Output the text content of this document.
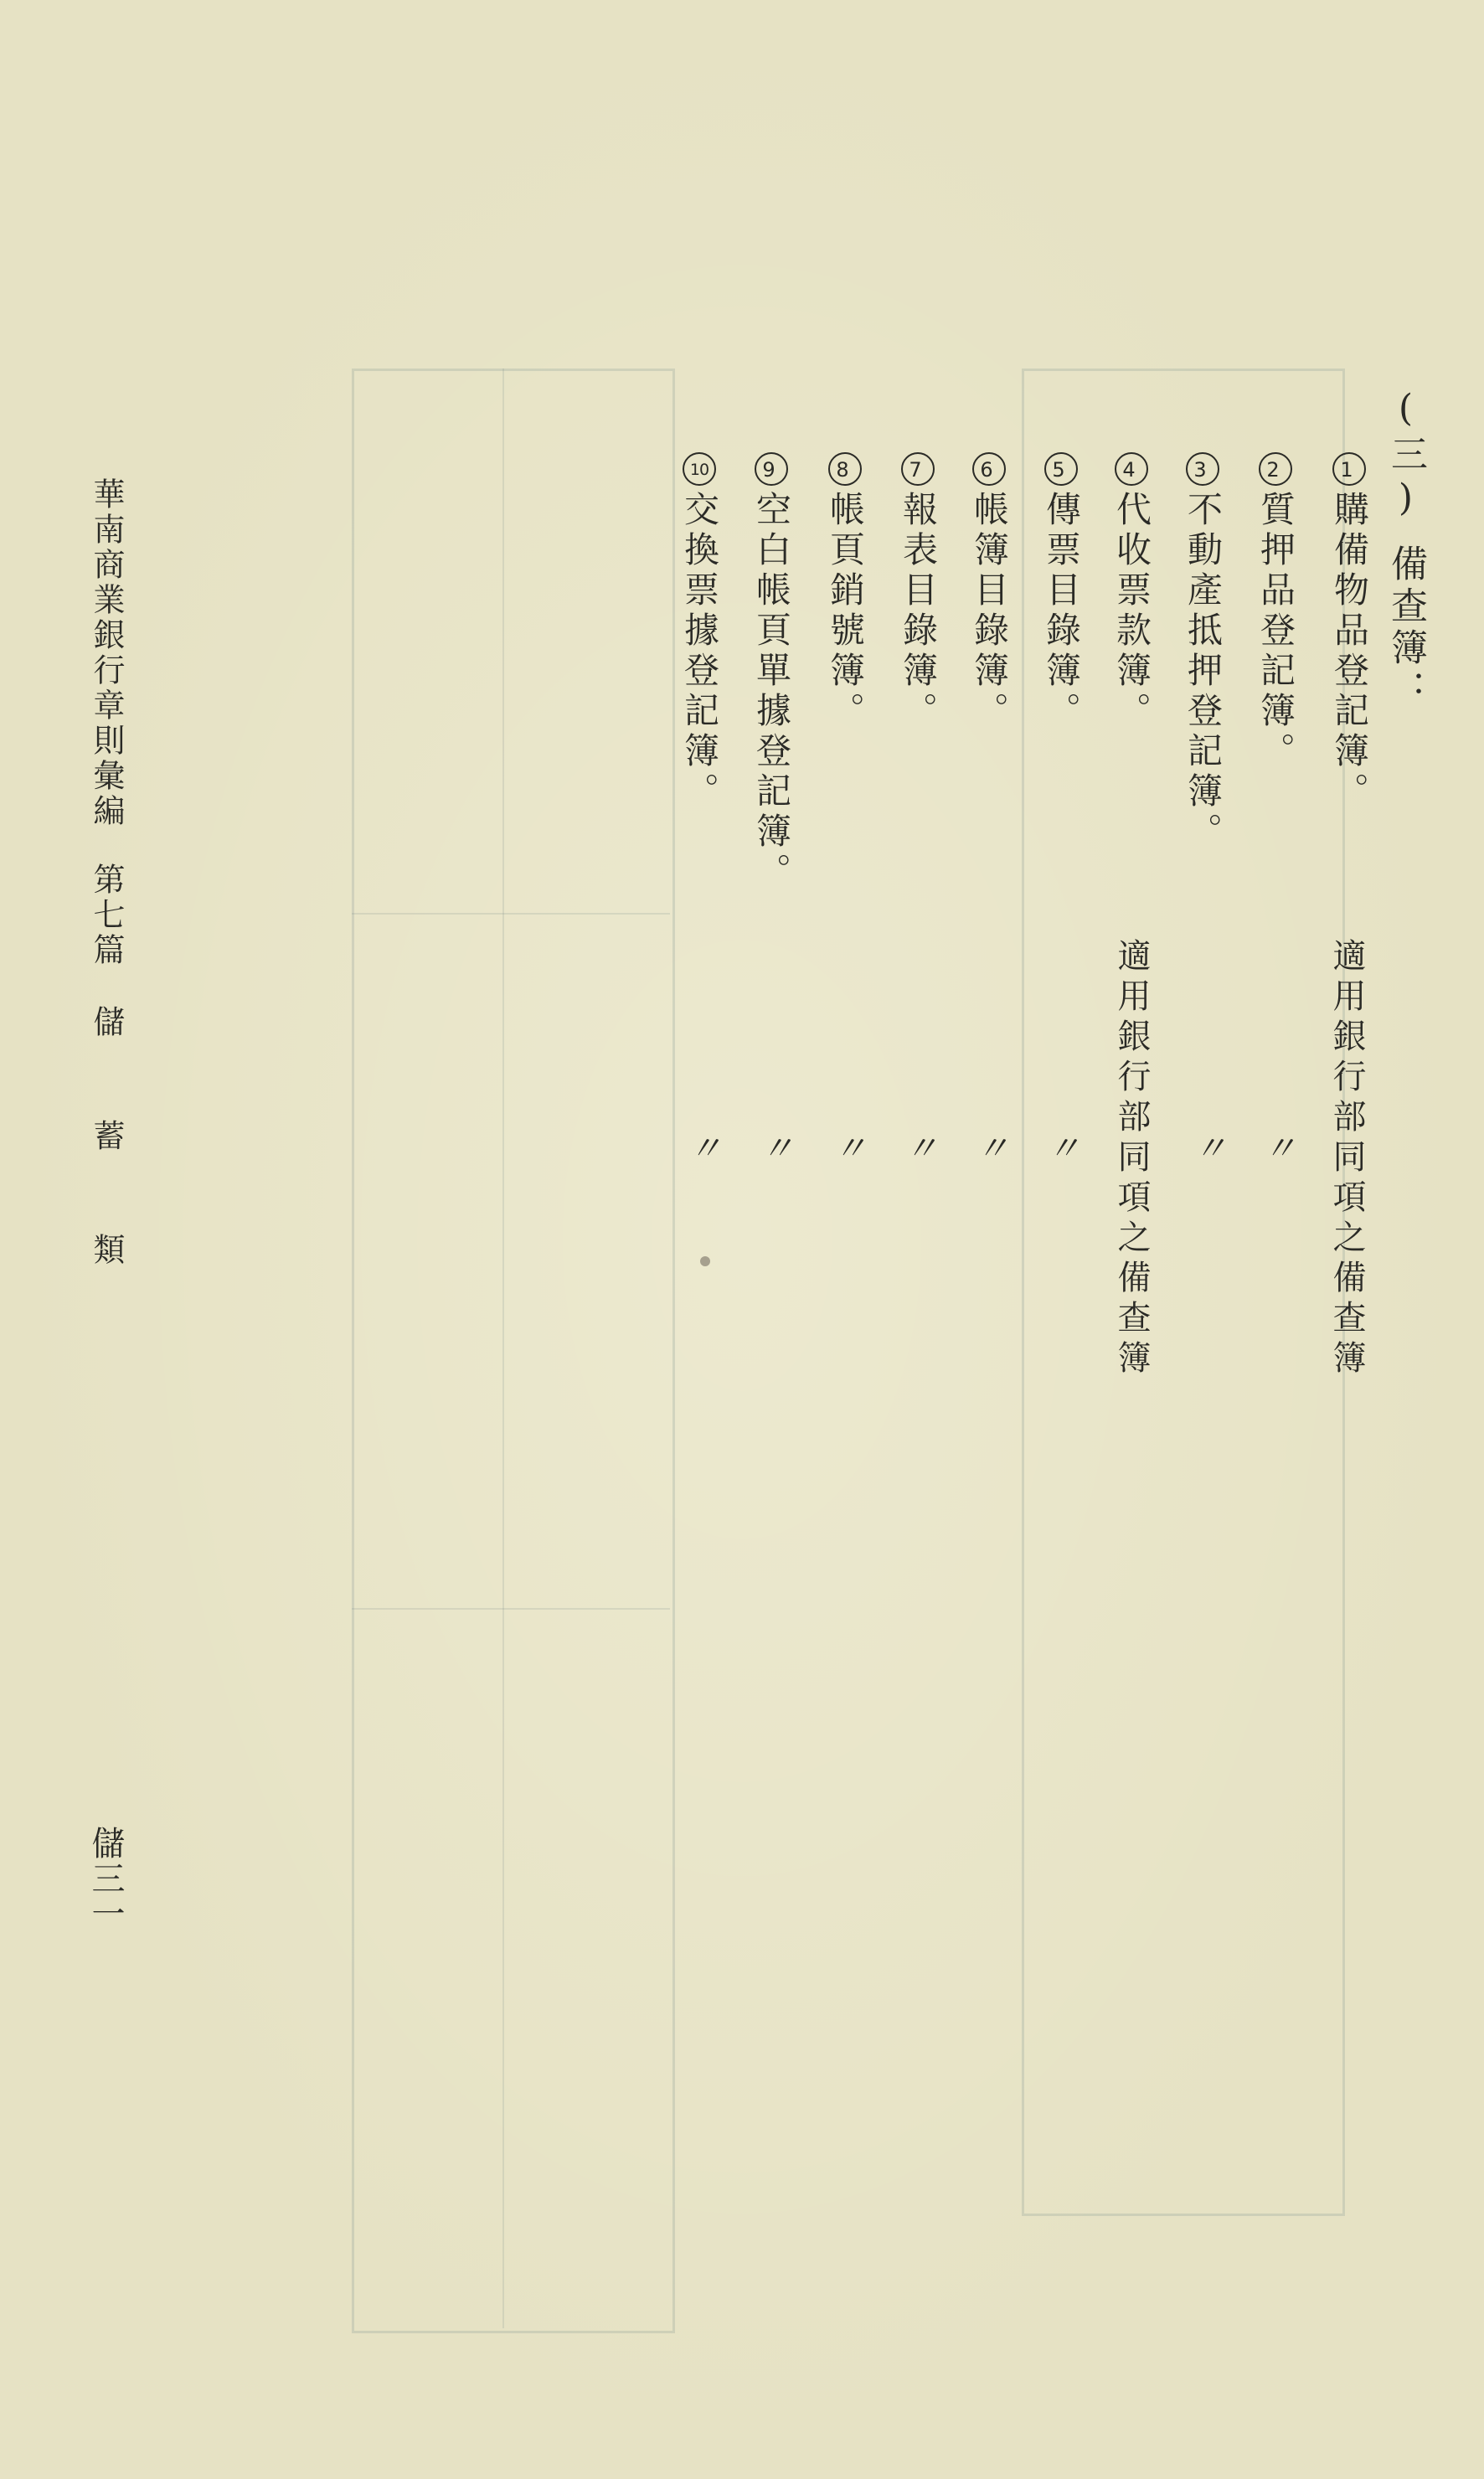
(三)備查簿：
1購備物品登記簿。
2質押品登記簿。
3不動產抵押登記簿。
4代收票款簿。
5傳票目錄簿。
6帳簿目錄簿。
7報表目錄簿。
8帳頁銷號簿。
9空白帳頁單據登記簿。
10交換票據登記簿。
適用銀行部同項之備查簿
〃
〃
適用銀行部同項之備查簿
〃
〃
〃
〃
〃
〃
華南商業銀行章則彙編
第七篇
儲　蓄　類
儲三一
